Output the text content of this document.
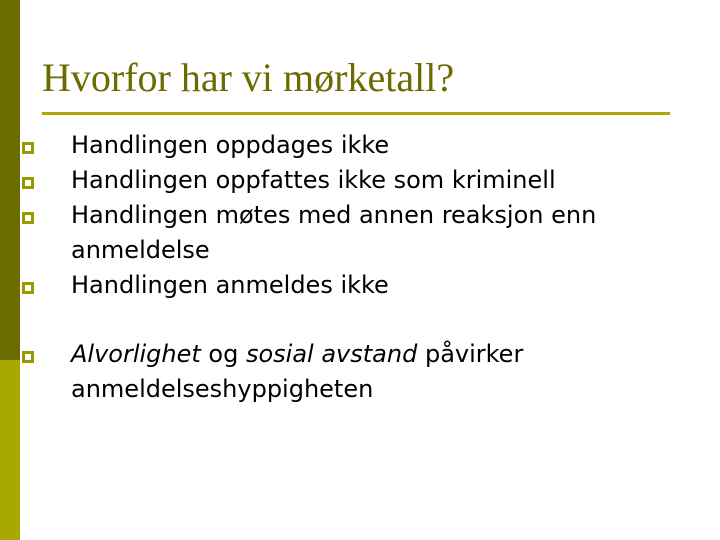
Hvorfor har vi mørketall?
Handlingen oppdages ikke
Handlingen oppfattes ikke som kriminell
Handlingen møtes med annen reaksjon enn anmeldelse
Handlingen anmeldes ikke
Alvorlighet og sosial avstand påvirker anmeldelseshyppigheten
